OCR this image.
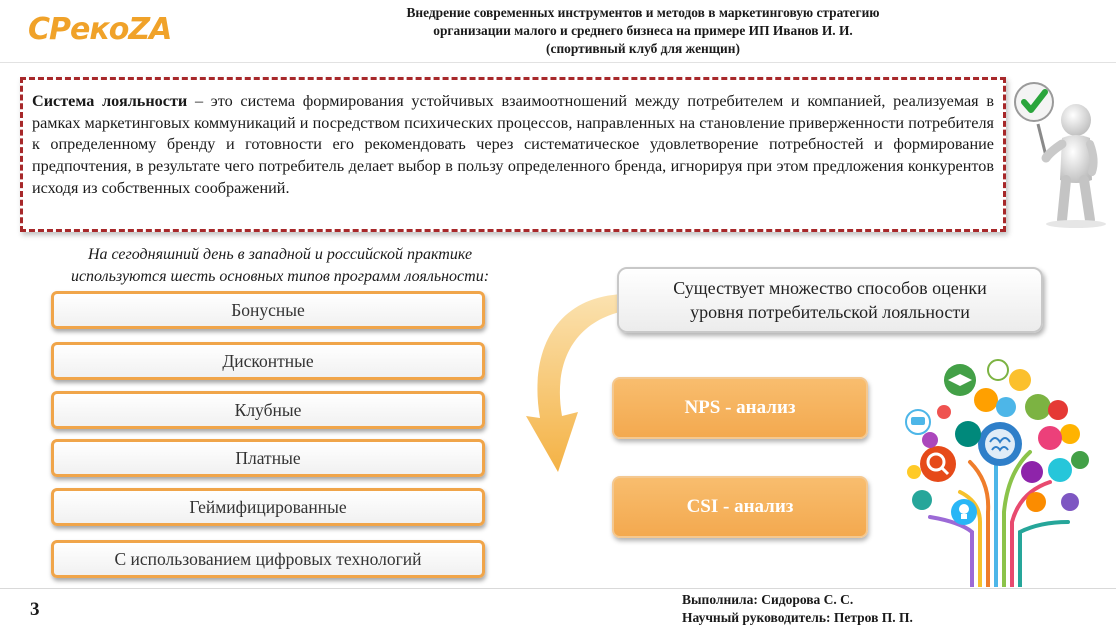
СРекоZA	Внедрение современных инструментов и методов в маркетинговую стратегию
организации малого и среднего бизнеса на примере ИП Иванов И. И.
(спортивный клуб для женщин)
Система лояльности – это система формирования устойчивых взаимоотношений между потребителем и компанией, реализуемая в рамках маркетинговых коммуникаций и посредством психических процессов, направленных на становление приверженности потребителя к определенному бренду и готовности его рекомендовать через систематическое удовлетворение потребностей и формирование предпочтения, в результате чего потребитель делает выбор в пользу определенного бренда, игнорируя при этом предложения конкурентов исходя из собственных соображений.
На сегодняшний день в западной и российской практике
используются шесть основных типов программ лояльности:
Бонусные
Дисконтные
Клубные
Платные
Геймифицированные
С использованием цифровых технологий
Существует множество способов оценки
уровня потребительской лояльности
NPS - анализ
CSI - анализ
3	Выполнила: Сидорова С. С.
Научный руководитель: Петров П. П.
